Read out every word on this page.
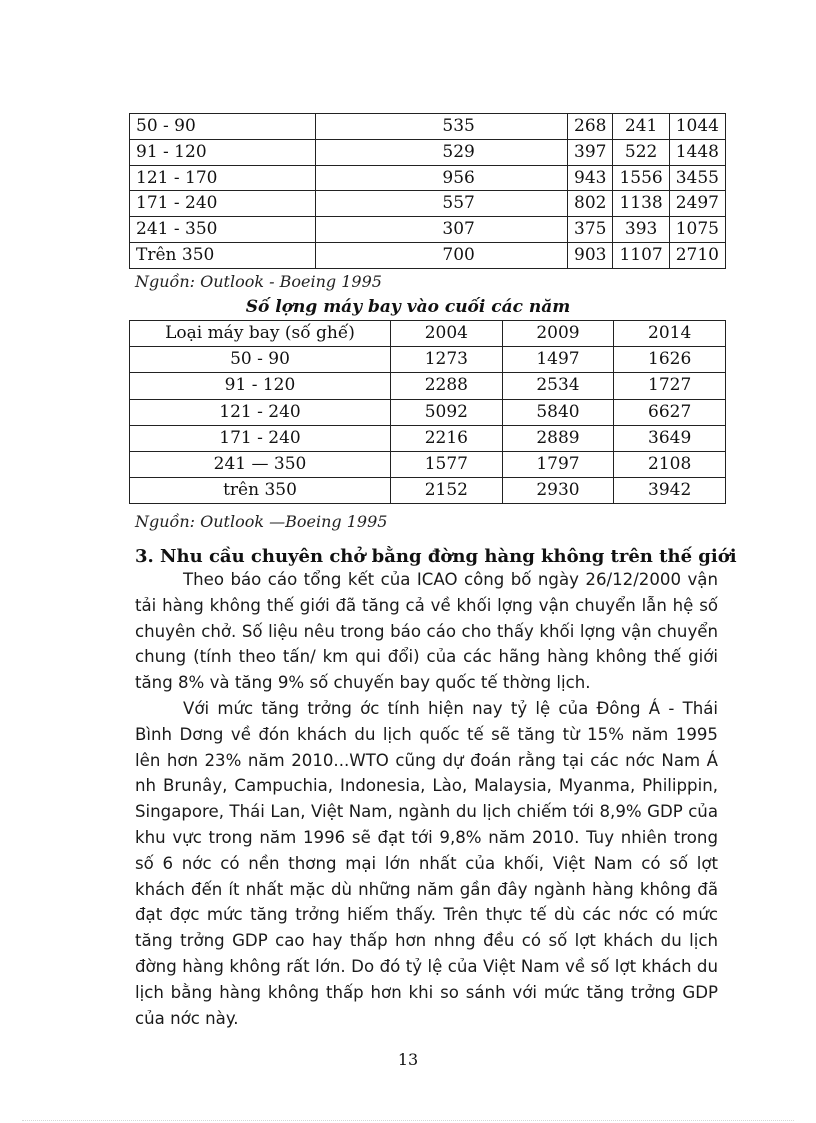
50 - 90	535	268	241	1044
91 - 120	529	397	522	1448
121 - 170	956	943	1556	3455
171 - 240	557	802	1138	2497
241 - 350	307	375	393	1075
Trên 350	700	903	1107	2710
Nguồn: Outlook - Boeing 1995
Số lợng máy bay vào cuối các năm
Loại máy bay (số ghế)	2004	2009	2014
50 - 90	1273	1497	1626
91 - 120	2288	2534	1727
121 - 240	5092	5840	6627
171 - 240	2216	2889	3649
241 — 350	1577	1797	2108
trên 350	2152	2930	3942
Nguồn: Outlook —Boeing 1995
3. Nhu cầu chuyên chở bằng đờng hàng không trên thế giới
Theo báo cáo tổng kết của ICAO công bố ngày 26/12/2000 vận tải hàng không thế giới đã tăng cả về khối lợng vận chuyển lẫn hệ số chuyên chở. Số liệu nêu trong báo cáo cho thấy khối lợng vận chuyển chung (tính theo tấn/ km qui đổi) của các hãng hàng không thế giới tăng 8% và tăng 9% số chuyến bay quốc tế thờng lịch.
Với mức tăng trởng ớc tính hiện nay tỷ lệ của Đông Á - Thái Bình Dơng về đón khách du lịch quốc tế sẽ tăng từ 15% năm 1995 lên hơn 23% năm 2010...WTO cũng dự đoán rằng tại các nớc Nam Á nh Brunây, Campuchia, Indonesia, Lào, Malaysia, Myanma, Philippin, Singapore, Thái Lan, Việt Nam, ngành du lịch chiếm tới 8,9% GDP của khu vực trong năm 1996 sẽ đạt tới 9,8% năm 2010. Tuy nhiên trong số 6 nớc có nền thơng mại lớn nhất của khối, Việt Nam có số lợt khách đến ít nhất mặc dù những năm gần đây ngành hàng không đã đạt đợc mức tăng trởng hiếm thấy. Trên thực tế dù các nớc có mức tăng trởng GDP cao hay thấp hơn nhng đều có số lợt khách du lịch đờng hàng không rất lớn. Do đó tỷ lệ của Việt Nam về số lợt khách du lịch bằng hàng không thấp hơn khi so sánh với mức tăng trởng GDP của nớc này.
13
